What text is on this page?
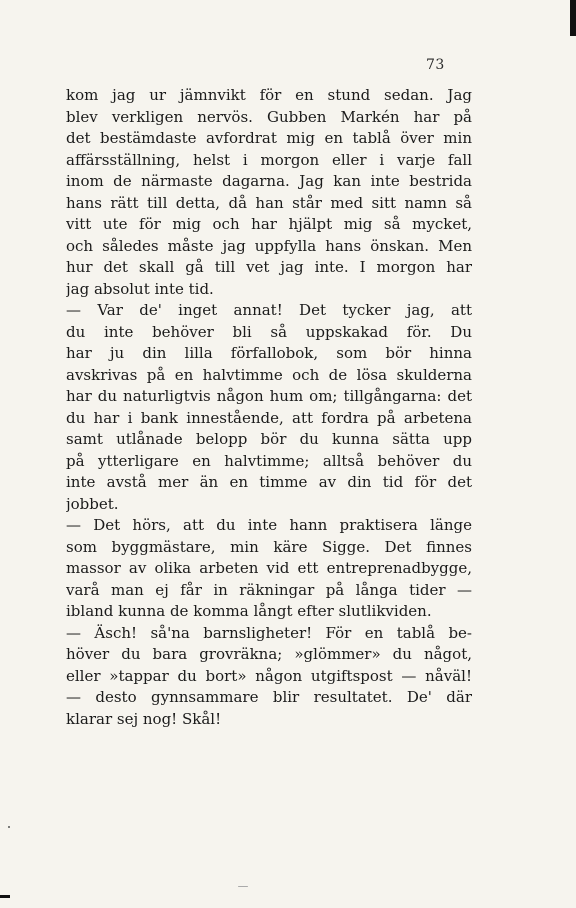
73
kom jag ur jämnvikt för en stund sedan. Jag
blev verkligen nervös. Gubben Markén har på
det bestämdaste avfordrat mig en tablå över min
affärsställning, helst i morgon eller i varje fall
inom de närmaste dagarna. Jag kan inte bestrida
hans rätt till detta, då han står med sitt namn så
vitt ute för mig och har hjälpt mig så mycket,
och således måste jag uppfylla hans önskan. Men
hur det skall gå till vet jag inte. I morgon har
jag absolut inte tid.
— Var de' inget annat! Det tycker jag, att
du inte behöver bli så uppskakad för. Du
har ju din lilla förfallobok, som bör hinna
avskrivas på en halvtimme och de lösa skulderna
har du naturligtvis någon hum om; tillgångarna: det
du har i bank innestående, att fordra på arbetena
samt utlånade belopp bör du kunna sätta upp
på ytterligare en halvtimme; alltså behöver du
inte avstå mer än en timme av din tid för det
jobbet.
— Det hörs, att du inte hann praktisera länge
som byggmästare, min käre Sigge. Det finnes
massor av olika arbeten vid ett entreprenadbygge,
varå man ej får in räkningar på långa tider —
ibland kunna de komma långt efter slutlikviden.
— Äsch! så'na barnsligheter! För en tablå be-
höver du bara grovräkna; »glömmer» du något,
eller »tappar du bort» någon utgiftspost — nåväl!
— desto gynnsammare blir resultatet. De' där
klarar sej nog! Skål!
